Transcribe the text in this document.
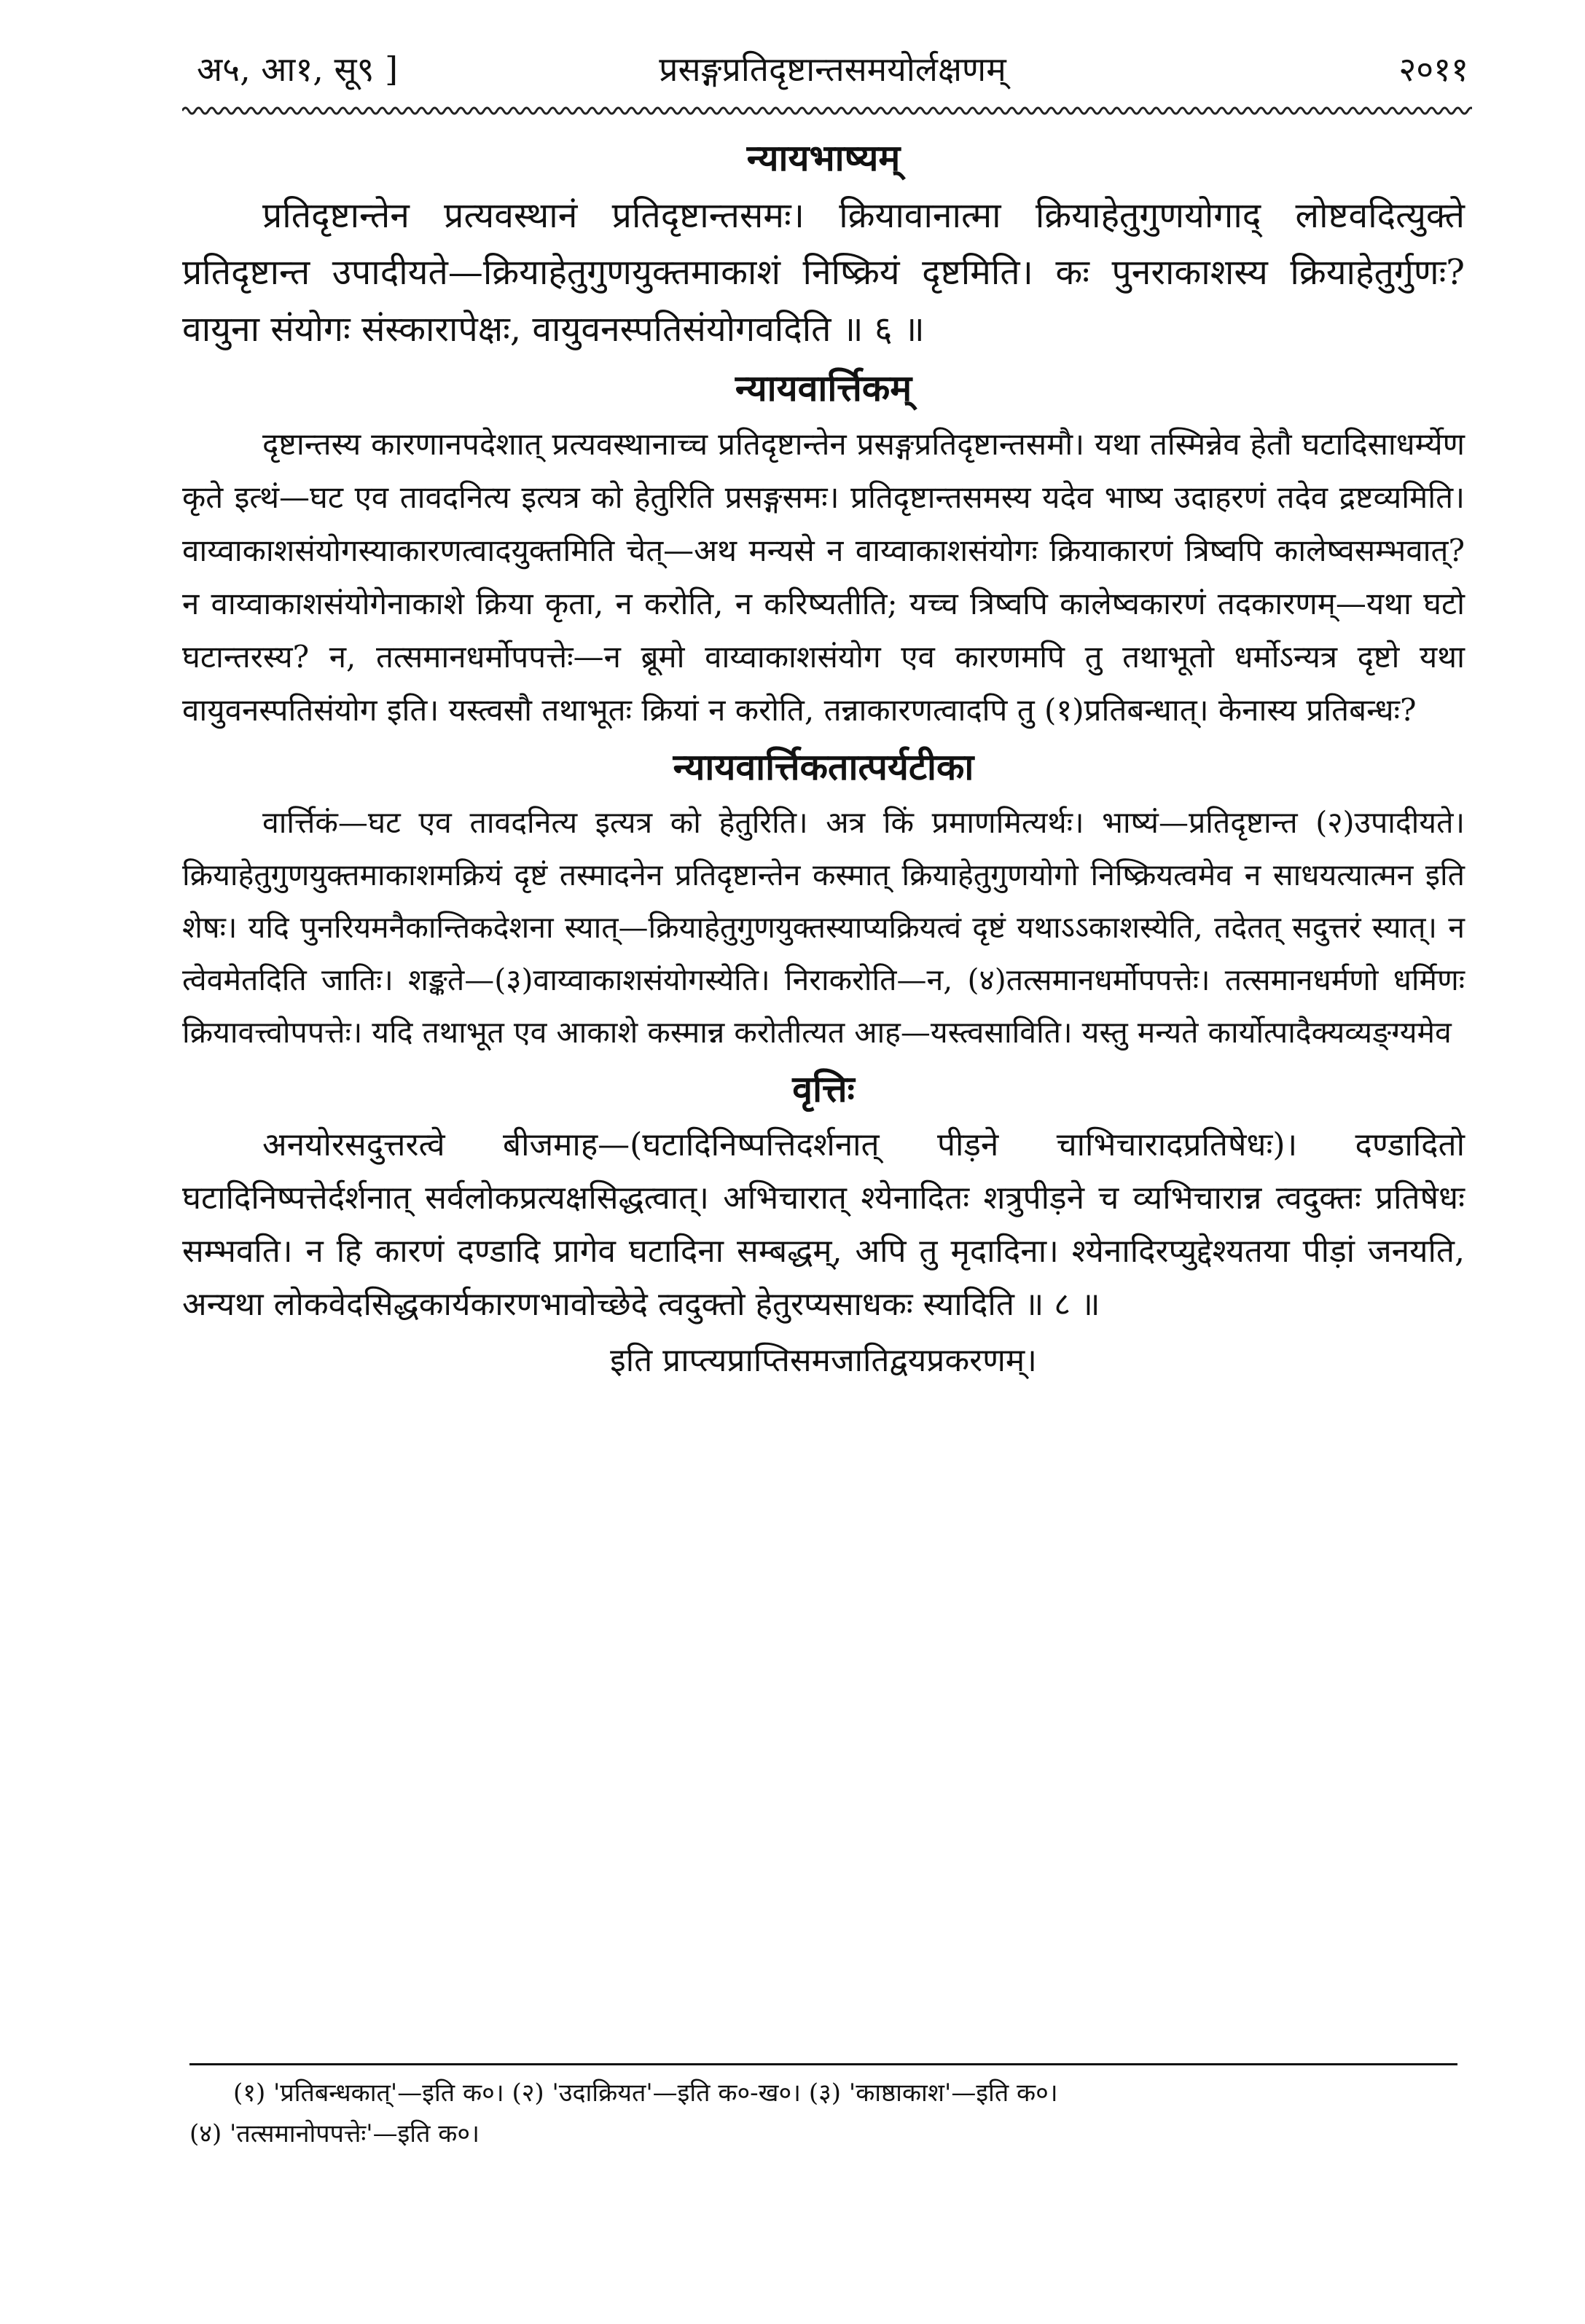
अ५, आ१, सू९ ]	प्रसङ्गप्रतिदृष्टान्तसमयोर्लक्षणम्	२०११
न्यायभाष्यम्

प्रतिदृष्टान्तेन प्रत्यवस्थानं प्रतिदृष्टान्तसमः। क्रियावानात्मा क्रियाहेतुगुणयोगाद् लोष्टवदित्युक्ते प्रतिदृष्टान्त उपादीयते—क्रियाहेतुगुणयुक्तमाकाशं निष्क्रियं दृष्टमिति। कः पुनराकाशस्य क्रियाहेतुर्गुणः? वायुना संयोगः संस्कारापेक्षः, वायुवनस्पतिसंयोगवदिति ॥ ६ ॥

न्यायवार्त्तिकम्

दृष्टान्तस्य कारणानपदेशात् प्रत्यवस्थानाच्च प्रतिदृष्टान्तेन प्रसङ्गप्रतिदृष्टान्तसमौ। यथा तस्मिन्नेव हेतौ घटादिसाधर्म्येण कृते इत्थं—घट एव तावदनित्य इत्यत्र को हेतुरिति प्रसङ्गसमः। प्रतिदृष्टान्तसमस्य यदेव भाष्य उदाहरणं तदेव द्रष्टव्यमिति। वाय्वाकाशसंयोगस्याकारणत्वादयुक्तमिति चेत्—अथ मन्यसे न वाय्वाकाशसंयोगः क्रियाकारणं त्रिष्वपि कालेष्वसम्भवात्? न वाय्वाकाशसंयोगेनाकाशे क्रिया कृता, न करोति, न करिष्यतीति; यच्च त्रिष्वपि कालेष्वकारणं तदकारणम्—यथा घटो घटान्तरस्य? न, तत्समानधर्मोपपत्तेः—न ब्रूमो वाय्वाकाशसंयोग एव कारणमपि तु तथाभूतो धर्मोऽन्यत्र दृष्टो यथा वायुवनस्पतिसंयोग इति। यस्त्वसौ तथाभूतः क्रियां न करोति, तन्नाकारणत्वादपि तु (१)प्रतिबन्धात्। केनास्य प्रतिबन्धः?

न्यायवार्त्तिकतात्पर्यटीका

वार्त्तिकं—घट एव तावदनित्य इत्यत्र को हेतुरिति। अत्र किं प्रमाणमित्यर्थः। भाष्यं—प्रतिदृष्टान्त (२)उपादीयते। क्रियाहेतुगुणयुक्तमाकाशमक्रियं दृष्टं तस्मादनेन प्रतिदृष्टान्तेन कस्मात् क्रियाहेतुगुणयोगो निष्क्रियत्वमेव न साधयत्यात्मन इति शेषः। यदि पुनरियमनैकान्तिकदेशना स्यात्—क्रियाहेतुगुणयुक्तस्याप्यक्रियत्वं दृष्टं यथाऽऽकाशस्येति, तदेतत् सदुत्तरं स्यात्। न त्वेवमेतदिति जातिः। शङ्कते—(३)वाय्वाकाशसंयोगस्येति। निराकरोति—न, (४)तत्समानधर्मोपपत्तेः। तत्समानधर्मणो धर्मिणः क्रियावत्त्वोपपत्तेः। यदि तथाभूत एव आकाशे कस्मान्न करोतीत्यत आह—यस्त्वसाविति। यस्तु मन्यते कार्योत्पादैक्यव्यङ्ग्यमेव

वृत्तिः

अनयोरसदुत्तरत्वे बीजमाह—(घटादिनिष्पत्तिदर्शनात् पीड़ने चाभिचारादप्रतिषेधः)। दण्डादितो घटादिनिष्पत्तेर्दर्शनात् सर्वलोकप्रत्यक्षसिद्धत्वात्। अभिचारात् श्येनादितः शत्रुपीड़ने च व्यभिचारान्न त्वदुक्तः प्रतिषेधः सम्भवति। न हि कारणं दण्डादि प्रागेव घटादिना सम्बद्धम्, अपि तु मृदादिना। श्येनादिरप्युद्देश्यतया पीड़ां जनयति, अन्यथा लोकवेदसिद्धकार्यकारणभावोच्छेदे त्वदुक्तो हेतुरप्यसाधकः स्यादिति ॥ ८ ॥

इति प्राप्त्यप्राप्तिसमजातिद्वयप्रकरणम्।
(१) 'प्रतिबन्धकात्'—इति क०। (२) 'उदाक्रियत'—इति क०-ख०। (३) 'काष्ठाकाश'—इति क०।
(४) 'तत्समानोपपत्तेः'—इति क०।
